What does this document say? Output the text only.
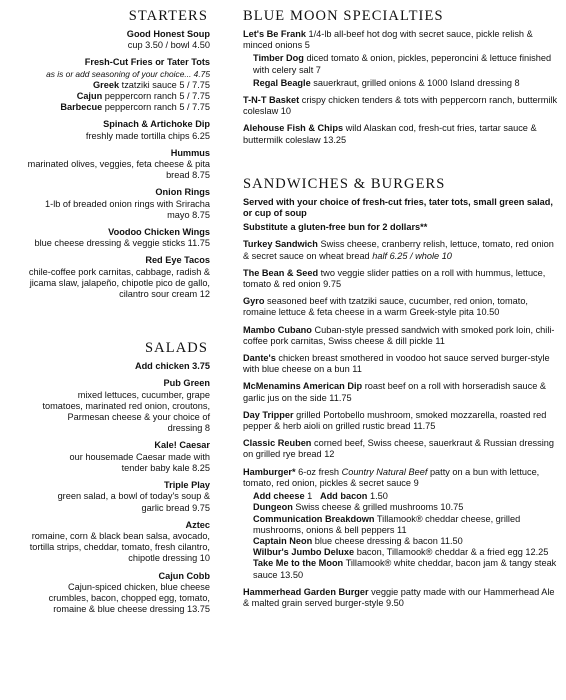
STARTERS
Good Honest Soup
cup 3.50 / bowl 4.50
Fresh-Cut Fries or Tater Tots
as is or add seasoning of your choice... 4.75
Greek tzatziki sauce 5 / 7.75
Cajun peppercorn ranch 5 / 7.75
Barbecue peppercorn ranch 5 / 7.75
Spinach & Artichoke Dip
freshly made tortilla chips 6.25
Hummus
marinated olives, veggies, feta cheese & pita bread 8.75
Onion Rings
1-lb of breaded onion rings with Sriracha mayo 8.75
Voodoo Chicken Wings
blue cheese dressing & veggie sticks 11.75
Red Eye Tacos
chile-coffee pork carnitas, cabbage, radish & jicama slaw, jalapeño, chipotle pico de gallo, cilantro sour cream 12
SALADS
Add chicken 3.75
Pub Green
mixed lettuces, cucumber, grape tomatoes, marinated red onion, croutons, Parmesan cheese & your choice of dressing 8
Kale! Caesar
our housemade Caesar made with tender baby kale 8.25
Triple Play
green salad, a bowl of today's soup & garlic bread 9.75
Aztec
romaine, corn & black bean salsa, avocado, tortilla strips, cheddar, tomato, fresh cilantro, chipotle dressing 10
Cajun Cobb
Cajun-spiced chicken, blue cheese crumbles, bacon, chopped egg, tomato, romaine & blue cheese dressing 13.75
BLUE MOON SPECIALTIES
Let's Be Frank 1/4-lb all-beef hot dog with secret sauce, pickle relish & minced onions 5
Timber Dog diced tomato & onion, pickles, peperoncini & lettuce finished with celery salt 7
Regal Beagle sauerkraut, grilled onions & 1000 Island dressing 8
T-N-T Basket crispy chicken tenders & tots with peppercorn ranch, buttermilk coleslaw 10
Alehouse Fish & Chips wild Alaskan cod, fresh-cut fries, tartar sauce & buttermilk coleslaw 13.25
SANDWICHES & BURGERS
Served with your choice of fresh-cut fries, tater tots, small green salad, or cup of soup
Substitute a gluten-free bun for 2 dollars**
Turkey Sandwich Swiss cheese, cranberry relish, lettuce, tomato, red onion & secret sauce on wheat bread half 6.25 / whole 10
The Bean & Seed two veggie slider patties on a roll with hummus, lettuce, tomato & red onion 9.75
Gyro seasoned beef with tzatziki sauce, cucumber, red onion, tomato, romaine lettuce & feta cheese in a warm Greek-style pita 10.50
Mambo Cubano Cuban-style pressed sandwich with smoked pork loin, chili-coffee pork carnitas, Swiss cheese & dill pickle 11
Dante's chicken breast smothered in voodoo hot sauce served burger-style with blue cheese on a bun 11
McMenamins American Dip roast beef on a roll with horseradish sauce & garlic jus on the side 11.75
Day Tripper grilled Portobello mushroom, smoked mozzarella, roasted red pepper & herb aioli on grilled rustic bread 11.75
Classic Reuben corned beef, Swiss cheese, sauerkraut & Russian dressing on grilled rye bread 12
Hamburger* 6-oz fresh Country Natural Beef patty on a bun with lettuce, tomato, red onion, pickles & secret sauce 9
Add cheese 1 Add bacon 1.50
Dungeon Swiss cheese & grilled mushrooms 10.75
Communication Breakdown Tillamook® cheddar cheese, grilled mushrooms, onions & bell peppers 11
Captain Neon blue cheese dressing & bacon 11.50
Wilbur's Jumbo Deluxe bacon, Tillamook® cheddar & a fried egg 12.25
Take Me to the Moon Tillamook® white cheddar, bacon jam & tangy steak sauce 13.50
Hammerhead Garden Burger veggie patty made with our Hammerhead Ale & malted grain served burger-style 9.50
